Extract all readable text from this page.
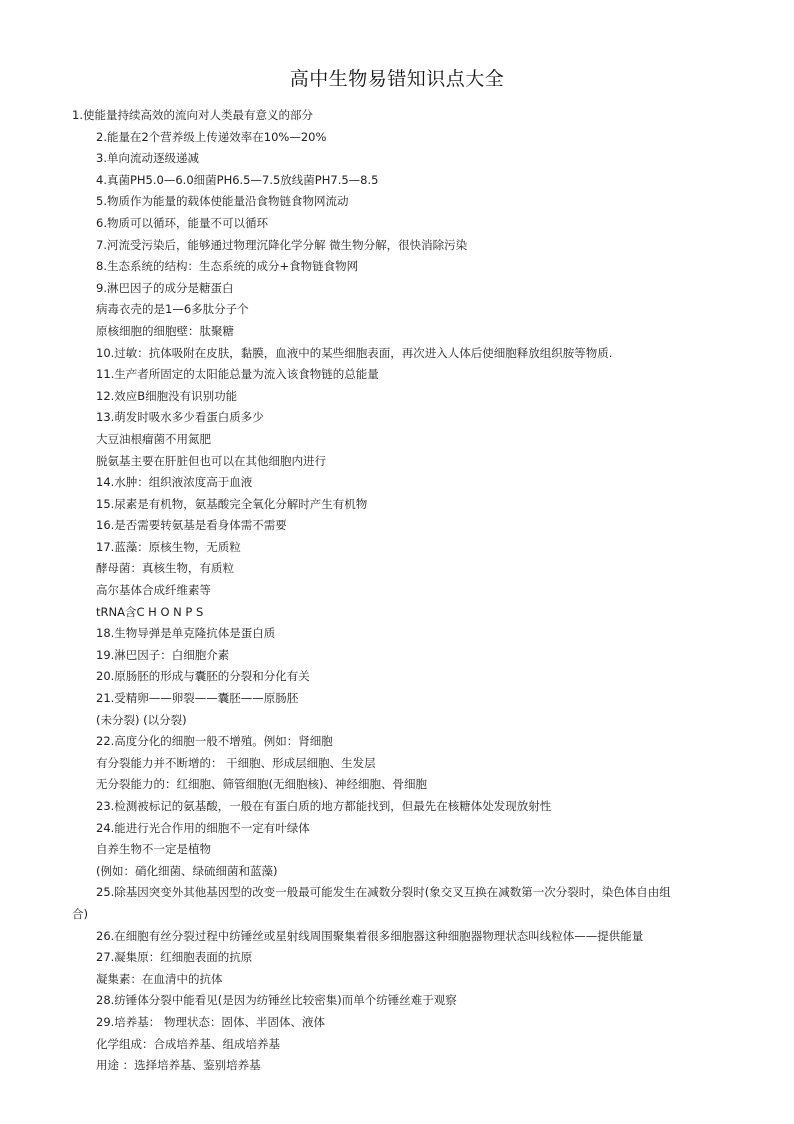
高中生物易错知识点大全
1.使能量持续高效的流向对人类最有意义的部分
2.能量在2个营养级上传递效率在10%—20%
3.单向流动逐级递减
4.真菌PH5.0—6.0细菌PH6.5—7.5放线菌PH7.5—8.5
5.物质作为能量的载体使能量沿食物链食物网流动
6.物质可以循环，能量不可以循环
7.河流受污染后，能够通过物理沉降化学分解 微生物分解，很快消除污染
8.生态系统的结构：生态系统的成分+食物链食物网
9.淋巴因子的成分是糖蛋白
病毒衣壳的是1—6多肽分子个
原核细胞的细胞壁：肽聚糖
10.过敏：抗体吸附在皮肤，黏膜，血液中的某些细胞表面，再次进入人体后使细胞释放组织胺等物质.
11.生产者所固定的太阳能总量为流入该食物链的总能量
12.效应B细胞没有识别功能
13.萌发时吸水多少看蛋白质多少
大豆油根瘤菌不用氮肥
脱氨基主要在肝脏但也可以在其他细胞内进行
14.水肿：组织液浓度高于血液
15.尿素是有机物，氨基酸完全氧化分解时产生有机物
16.是否需要转氨基是看身体需不需要
17.蓝藻：原核生物，无质粒
酵母菌：真核生物，有质粒
高尔基体合成纤维素等
tRNA含C H O N P S
18.生物导弹是单克隆抗体是蛋白质
19.淋巴因子：白细胞介素
20.原肠胚的形成与囊胚的分裂和分化有关
21.受精卵——卵裂——囊胚——原肠胚
(未分裂) (以分裂)
22.高度分化的细胞一般不增殖。例如：肾细胞
有分裂能力并不断增的： 干细胞、形成层细胞、生发层
无分裂能力的：红细胞、筛管细胞(无细胞核)、神经细胞、骨细胞
23.检测被标记的氨基酸，一般在有蛋白质的地方都能找到，但最先在核糖体处发现放射性
24.能进行光合作用的细胞不一定有叶绿体
自养生物不一定是植物
(例如：硝化细菌、绿硫细菌和蓝藻)
25.除基因突变外其他基因型的改变一般最可能发生在减数分裂时(象交叉互换在减数第一次分裂时，染色体自由组
合)
26.在细胞有丝分裂过程中纺锤丝或星射线周围聚集着很多细胞器这种细胞器物理状态叫线粒体——提供能量
27.凝集原：红细胞表面的抗原
凝集素：在血清中的抗体
28.纺锤体分裂中能看见(是因为纺锤丝比较密集)而单个纺锤丝难于观察
29.培养基： 物理状态：固体、半固体、液体
化学组成：合成培养基、组成培养基
用途 ：选择培养基、鉴别培养基
